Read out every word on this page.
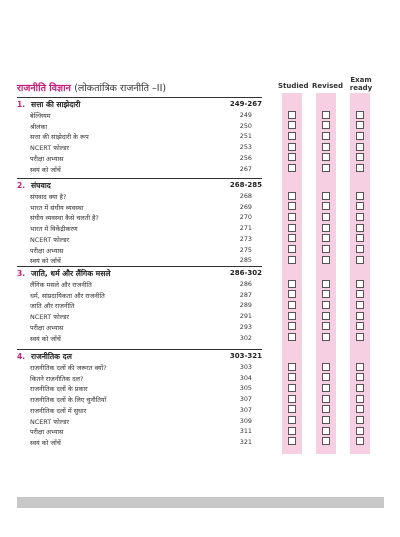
राजनीति विज्ञान (लोकतांत्रिक राजनीति –II)	Studied Revised
Exam ready
1. सत्ता की साझेदारी	249-267
बेल्जियम	249
श्रीलंका	250
सत्ता की साझेदारी के रूप	251
NCERT फोल्डर	253
परीक्षा अभ्यास	256
स्वयं को जाँचें	267
2. संघवाद	268-285
संघवाद क्या है?	268
भारत में संघीय व्यवस्था	269
संघीय व्यवस्था कैसे चलती है?	270
भारत में विकेंद्रीकरण	271
NCERT फोल्डर	273
परीक्षा अभ्यास	275
स्वयं को जाँचें	285
3. जाति, धर्म और लैंगिक मसले	286-302
लैंगिक मसले और राजनीति	286
धर्म, सांप्रदायिकता और राजनीति	287
जाति और राजनीति	289
NCERT फोल्डर	291
परीक्षा अभ्यास	293
स्वयं को जाँचें	302
4. राजनीतिक दल	303-321
राजनीतिक दलों की जरूरत क्यों?	303
कितने राजनीतिक दल?	304
राजनीतिक दलों के प्रकार	305
राजनीतिक दलों के लिए चुनौतियाँ	307
राजनीतिक दलों में सुधार	307
NCERT फोल्डर	309
परीक्षा अभ्यास	311
स्वयं को जाँचें	321
